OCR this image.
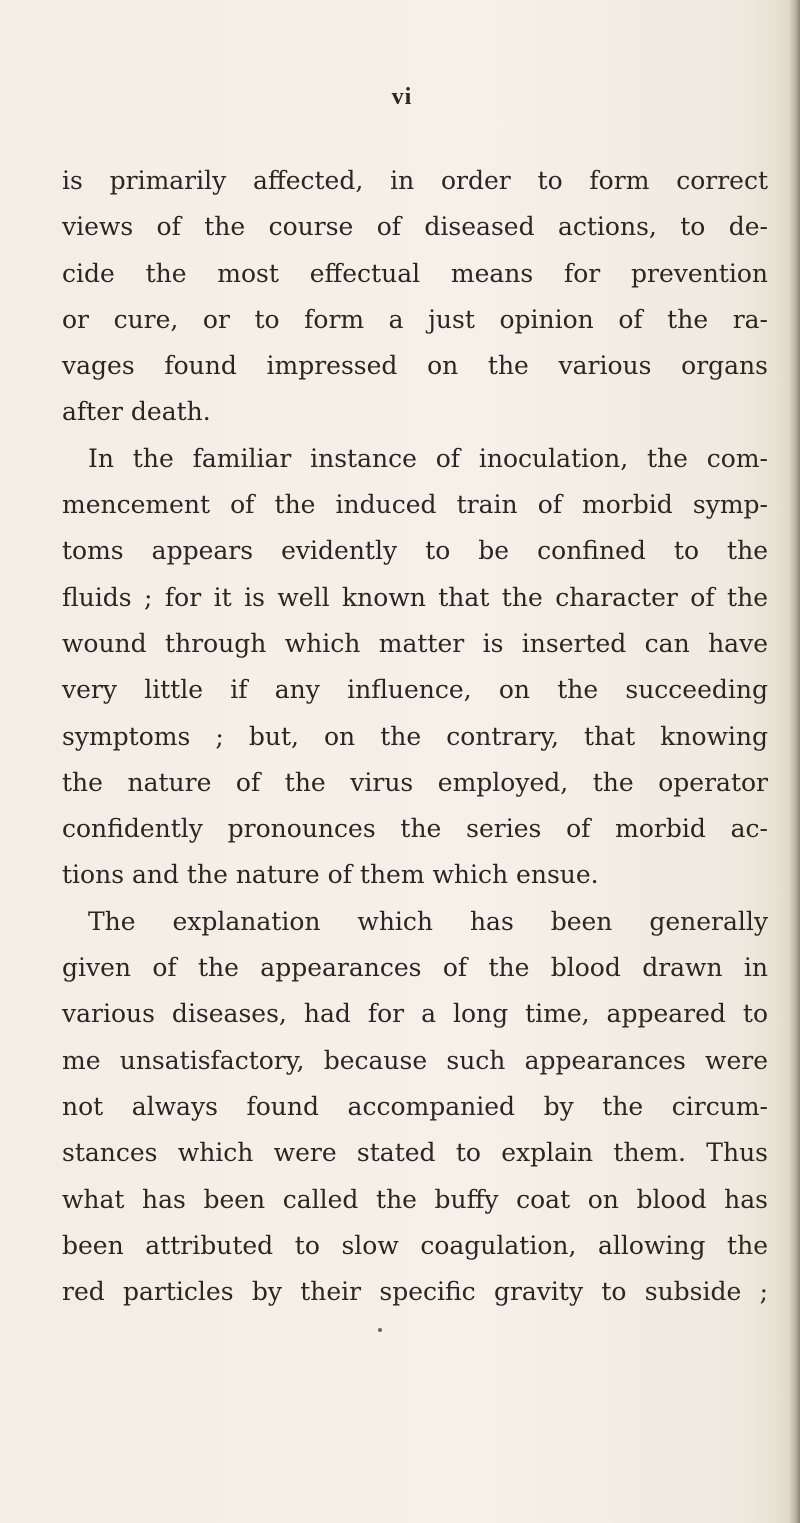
vi
is primarily affected, in order to form correct
views of the course of diseased actions, to de-
cide the most effectual means for prevention
or cure, or to form a just opinion of the ra-
vages found impressed on the various organs
after death.
In the familiar instance of inoculation, the com-
mencement of the induced train of morbid symp-
toms appears evidently to be confined to the
fluids ; for it is well known that the character of the
wound through which matter is inserted can have
very little if any influence, on the succeeding
symptoms ; but, on the contrary, that knowing
the nature of the virus employed, the operator
confidently pronounces the series of morbid ac-
tions and the nature of them which ensue.
The explanation which has been generally
given of the appearances of the blood drawn in
various diseases, had for a long time, appeared to
me unsatisfactory, because such appearances were
not always found accompanied by the circum-
stances which were stated to explain them. Thus
what has been called the buffy coat on blood has
been attributed to slow coagulation, allowing the
red particles by their specific gravity to subside ;
